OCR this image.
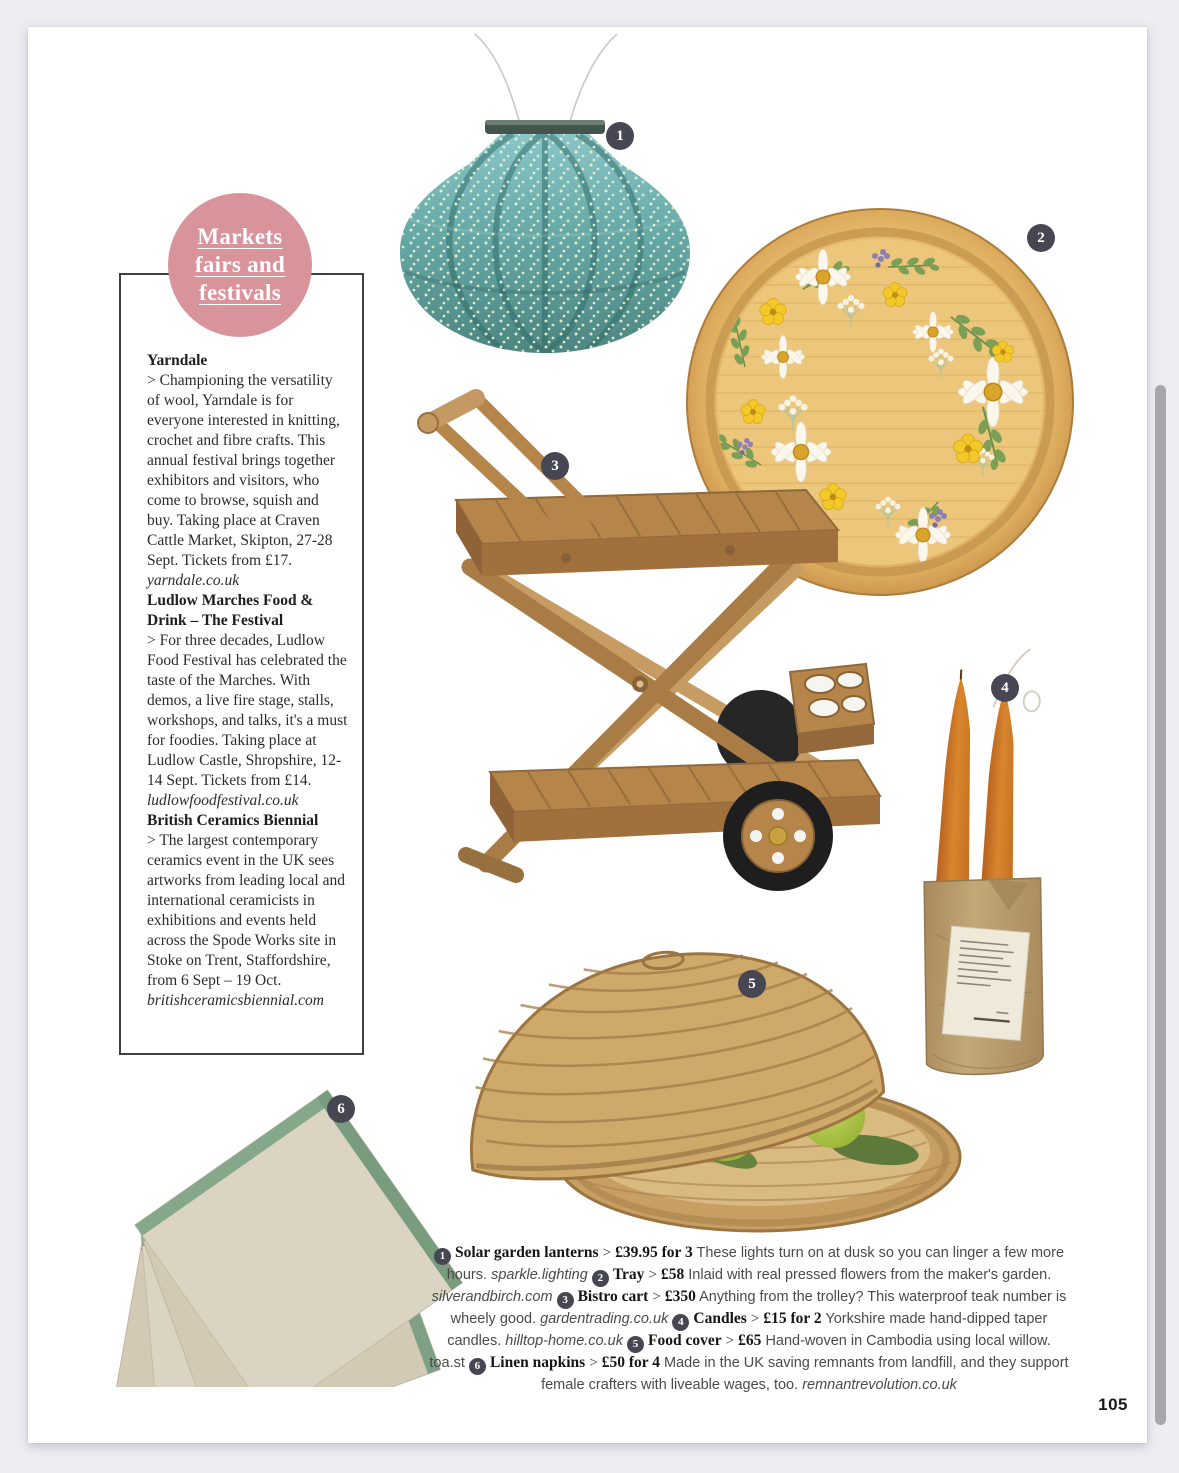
Markets
fairs and
festivals
Yarndale

> Championing the versatility of wool, Yarndale is for everyone interested in knitting, crochet and fibre crafts. This annual festival brings together exhibitors and visitors, who come to browse, squish and buy. Taking place at Craven Cattle Market, Skipton, 27-28 Sept. Tickets from £17.

yarndale.co.uk

Ludlow Marches Food & Drink – The Festival

> For three decades, Ludlow Food Festival has celebrated the taste of the Marches. With demos, a live fire stage, stalls, workshops, and talks, it's a must for foodies. Taking place at Ludlow Castle, Shropshire, 12-14 Sept. Tickets from £14.

ludlowfoodfestival.co.uk

British Ceramics Biennial

> The largest contemporary ceramics event in the UK sees artworks from leading local and international ceramicists in exhibitions and events held across the Spode Works site in Stoke on Trent, Staffordshire, from 6 Sept – 19 Oct.

britishceramicsbiennial.com

1
2
3
4
5
6
1 Solar garden lanterns > £39.95 for 3 These lights turn on at dusk so you can linger a few more hours. sparkle.lighting 2 Tray > £58 Inlaid with real pressed flowers from the maker's garden. silverandbirch.com 3 Bistro cart > £350 Anything from the trolley? This waterproof teak number is wheely good. gardentrading.co.uk 4 Candles > £15 for 2 Yorkshire made hand-dipped taper candles. hilltop-home.co.uk 5 Food cover > £65 Hand-woven in Cambodia using local willow. toa.st 6 Linen napkins > £50 for 4 Made in the UK saving remnants from landfill, and they support female crafters with liveable wages, too. remnantrevolution.co.uk
105
